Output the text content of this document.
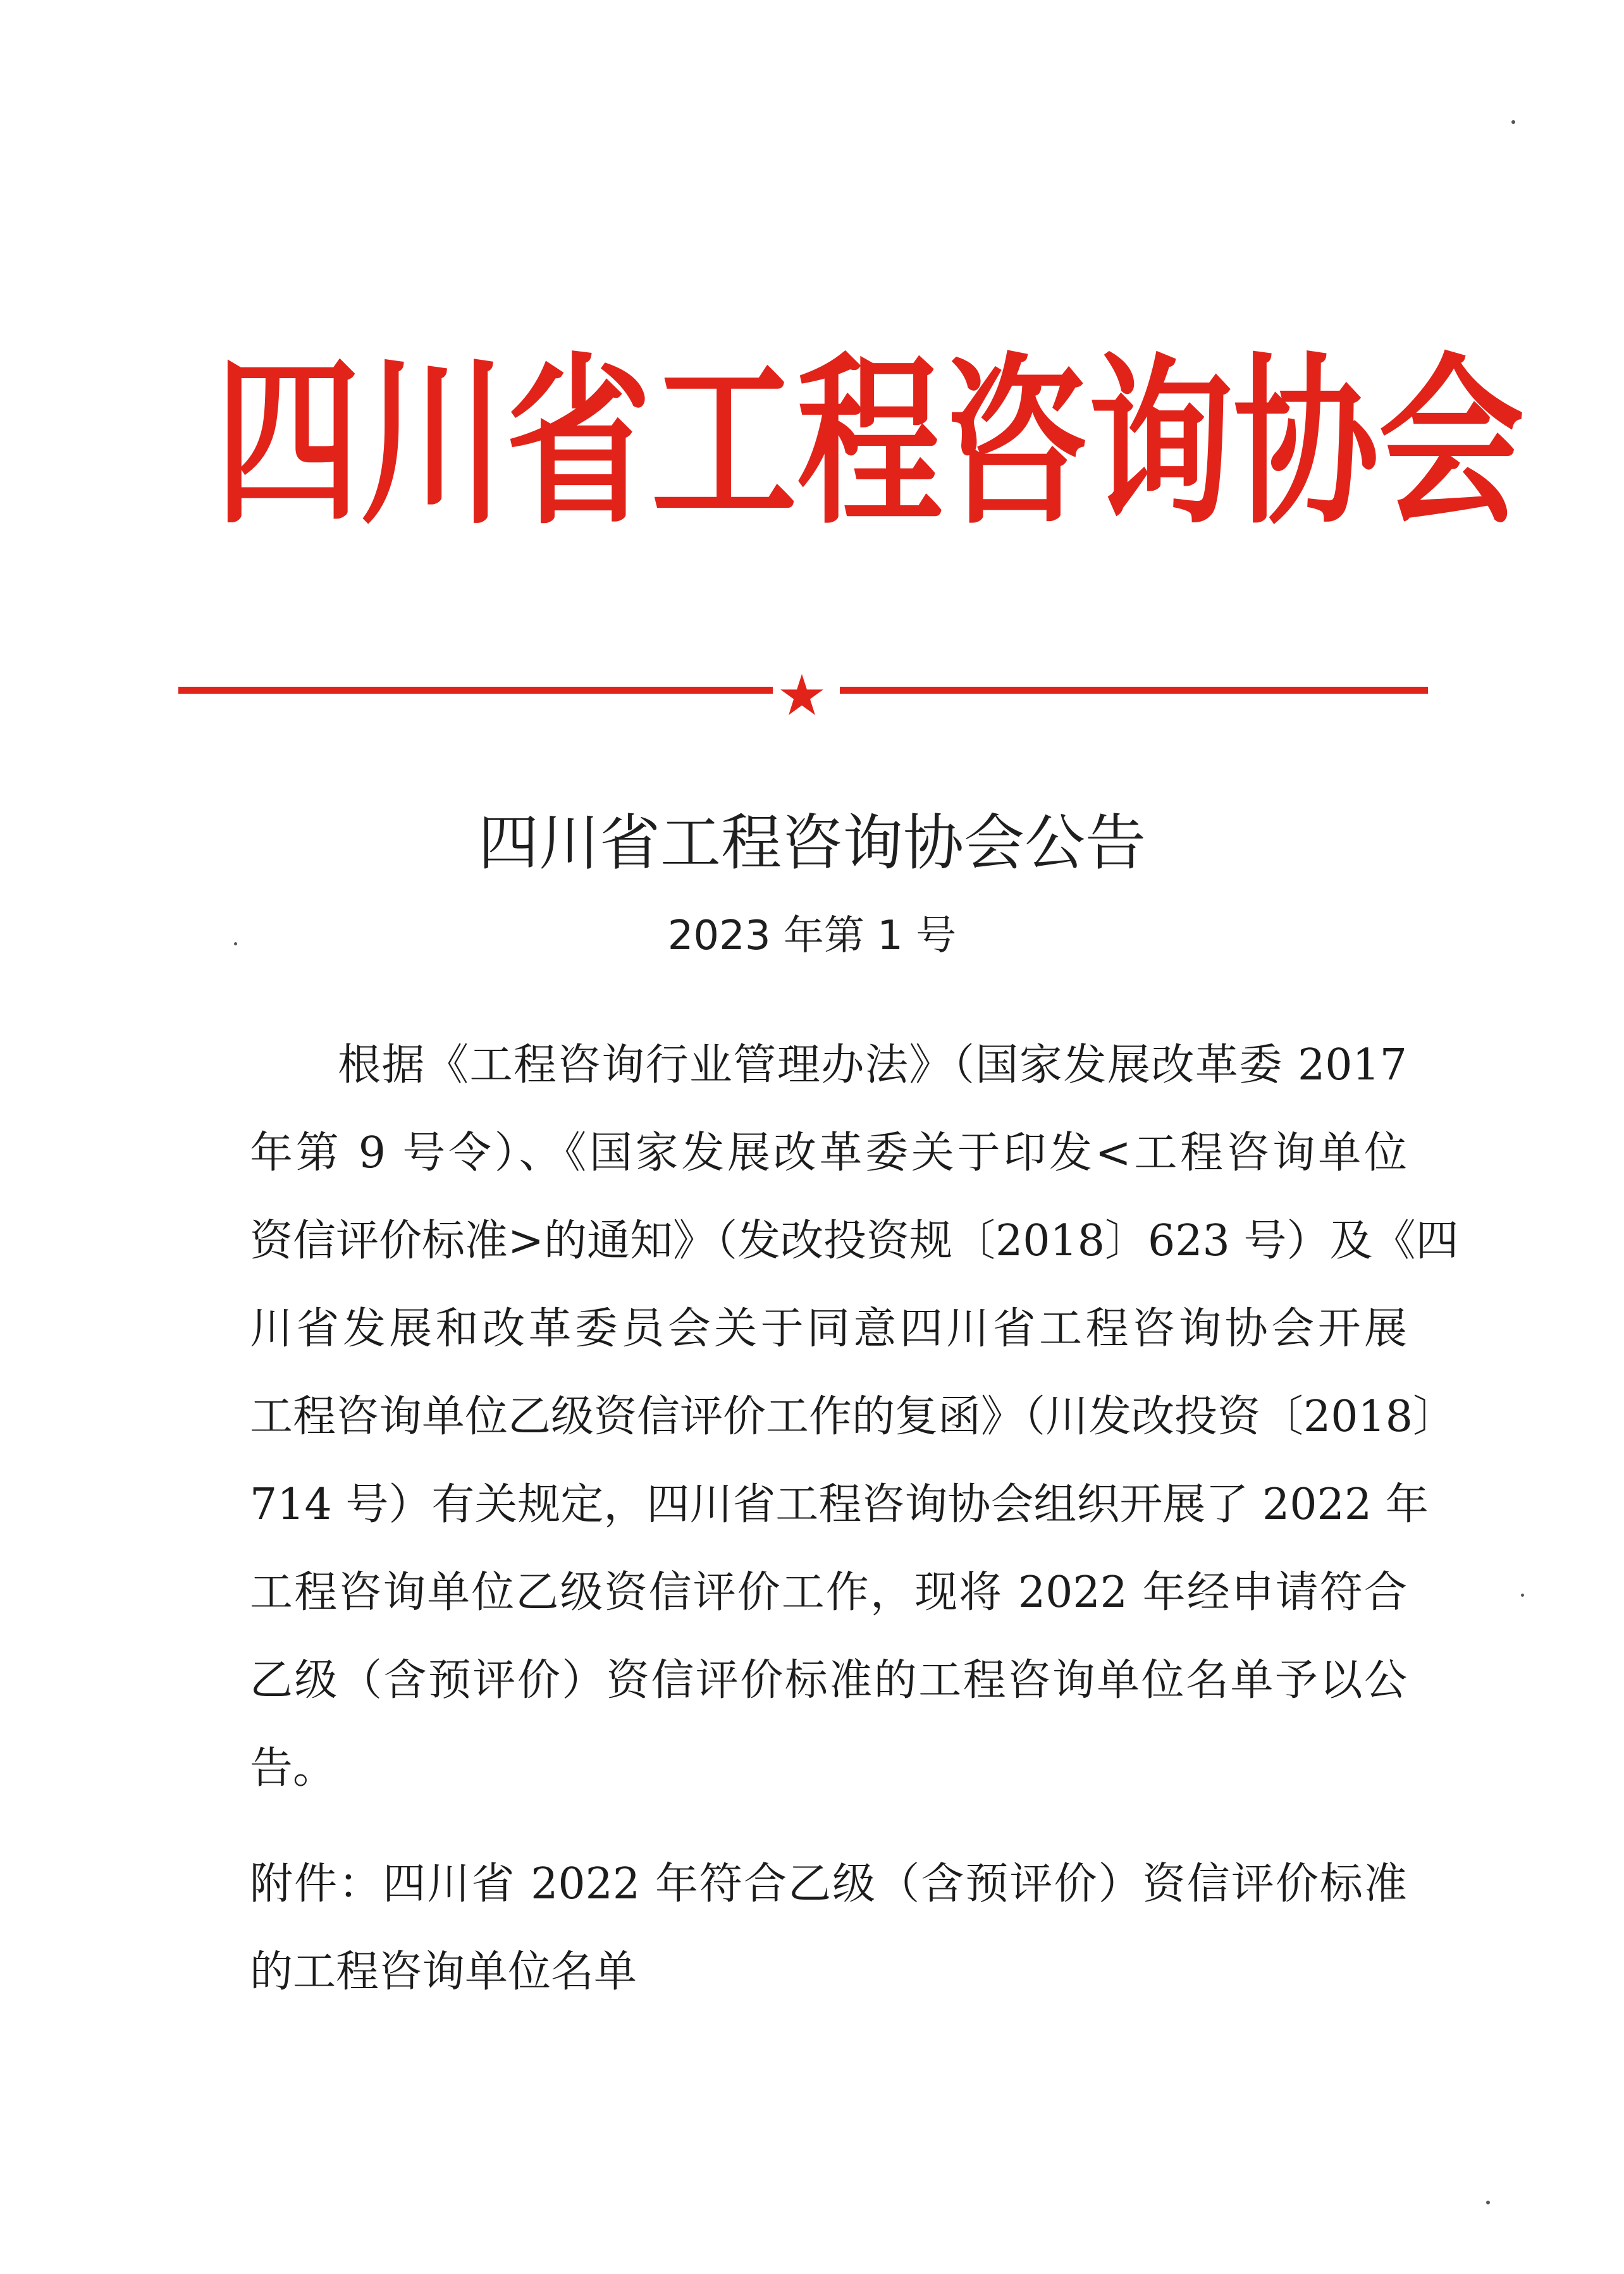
四川省工程咨询协会
四川省工程咨询协会公告
2023 年第 1 号
　　根据《工程咨询行业管理办法》（国家发展改革委 2017
年第 9 号令）、《国家发展改革委关于印发<工程咨询单位
资信评价标准>的通知》（发改投资规〔2018〕623 号）及《四
川省发展和改革委员会关于同意四川省工程咨询协会开展
工程咨询单位乙级资信评价工作的复函》（川发改投资〔2018〕
714 号）有关规定，四川省工程咨询协会组织开展了 2022 年
工程咨询单位乙级资信评价工作，现将 2022 年经申请符合
乙级（含预评价）资信评价标准的工程咨询单位名单予以公
告。
附件：四川省 2022 年符合乙级（含预评价）资信评价标准
的工程咨询单位名单
